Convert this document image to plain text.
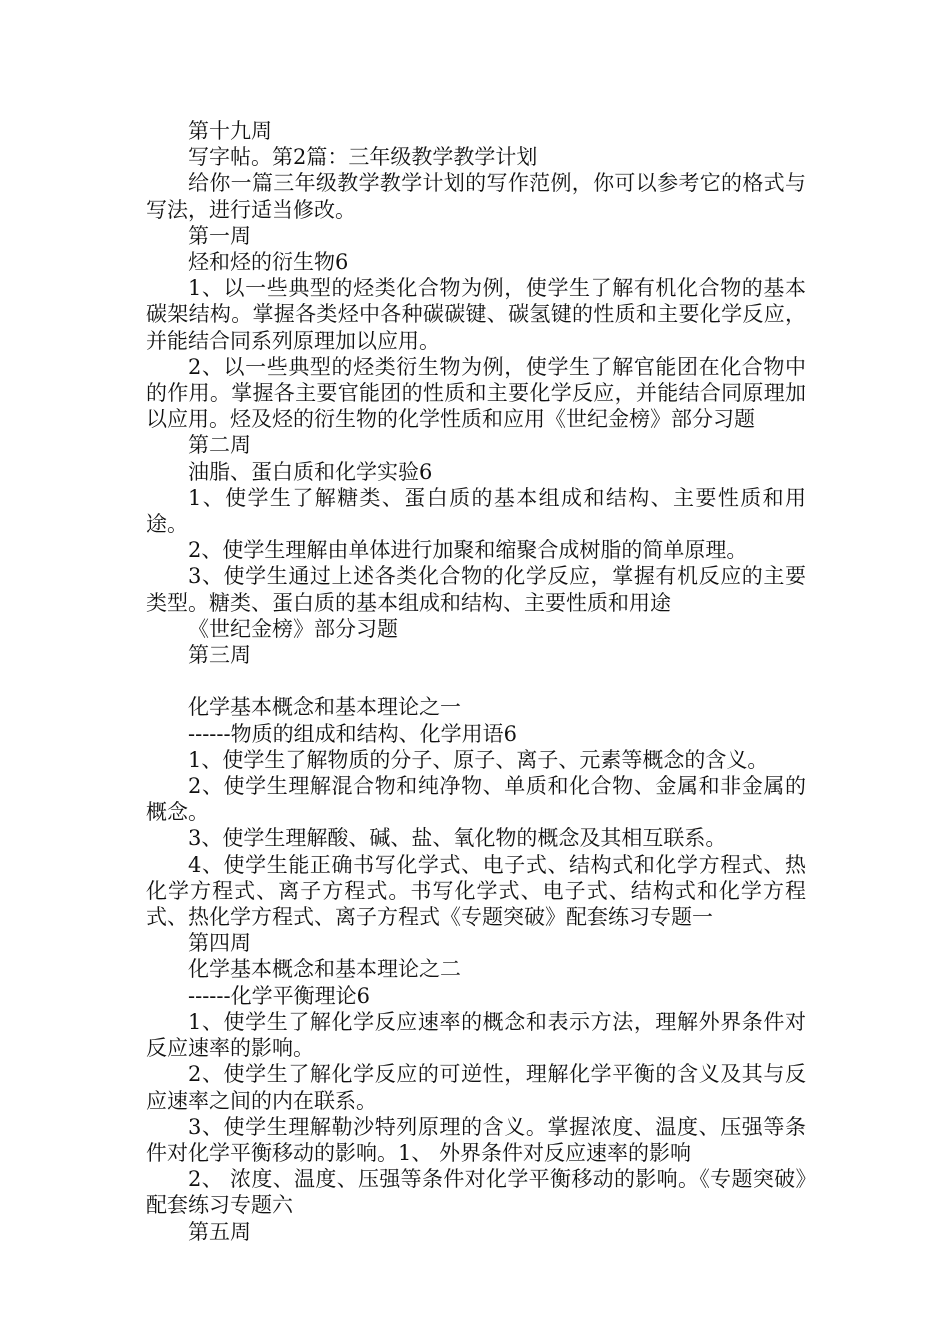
第十九周

写字帖。第2篇：三年级教学教学计划

给你一篇三年级教学教学计划的写作范例，你可以参考它的格式与写法，进行适当修改。

第一周

烃和烃的衍生物6

1、以一些典型的烃类化合物为例，使学生了解有机化合物的基本碳架结构。掌握各类烃中各种碳碳键、碳氢键的性质和主要化学反应，并能结合同系列原理加以应用。

2、以一些典型的烃类衍生物为例，使学生了解官能团在化合物中的作用。掌握各主要官能团的性质和主要化学反应，并能结合同原理加以应用。烃及烃的衍生物的化学性质和应用《世纪金榜》部分习题

第二周

油脂、蛋白质和化学实验6

1、使学生了解糖类、蛋白质的基本组成和结构、主要性质和用途。

2、使学生理解由单体进行加聚和缩聚合成树脂的简单原理。

3、使学生通过上述各类化合物的化学反应，掌握有机反应的主要类型。糖类、蛋白质的基本组成和结构、主要性质和用途

《世纪金榜》部分习题

第三周

化学基本概念和基本理论之一

------物质的组成和结构、化学用语6

1、使学生了解物质的分子、原子、离子、元素等概念的含义。

2、使学生理解混合物和纯净物、单质和化合物、金属和非金属的概念。

3、使学生理解酸、碱、盐、氧化物的概念及其相互联系。

4、使学生能正确书写化学式、电子式、结构式和化学方程式、热化学方程式、离子方程式。书写化学式、电子式、结构式和化学方程式、热化学方程式、离子方程式《专题突破》配套练习专题一

第四周

化学基本概念和基本理论之二

------化学平衡理论6

1、使学生了解化学反应速率的概念和表示方法，理解外界条件对反应速率的影响。

2、使学生了解化学反应的可逆性，理解化学平衡的含义及其与反应速率之间的内在联系。

3、使学生理解勒沙特列原理的含义。掌握浓度、温度、压强等条件对化学平衡移动的影响。1、 外界条件对反应速率的影响

2、 浓度、温度、压强等条件对化学平衡移动的影响。《专题突破》配套练习专题六

第五周
